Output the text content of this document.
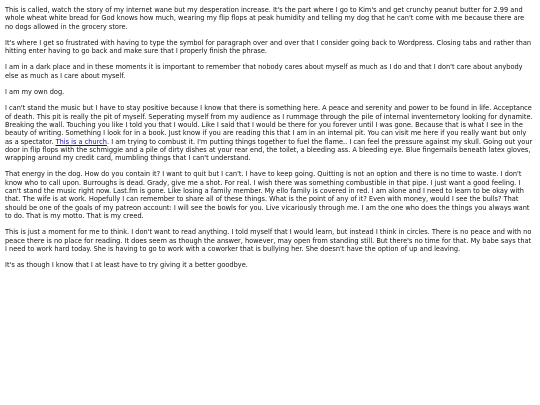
This is called, watch the story of my internet wane but my desperation increase. It's the part where I go to Kim's and get crunchy peanut butter for 2.99 and whole wheat white bread for God knows how much, wearing my flip flops at peak humidity and telling my dog that he can't come with me because there are no dogs allowed in the grocery store.

It's where I get so frustrated with having to type the symbol for paragraph over and over that I consider going back to Wordpress. Closing tabs and rather than hitting enter having to go back and make sure that I properly finish the phrase.

I am in a dark place and in these moments it is important to remember that nobody cares about myself as much as I do and that I don't care about anybody else as much as I care about myself.

I am my own dog.

I can't stand the music but I have to stay positive because I know that there is something here. A peace and serenity and power to be found in life. Acceptance of death. This pit is really the pit of myself. Seperating myself from my audience as I rummage through the pile of internal inventernetory looking for dynamite. Breaking the wall. Touching you like I told you that I would. Like I said that I would be there for you forever until I was gone. Because that is what I see in the beauty of writing. Something I look for in a book. Just know if you are reading this that I am in an internal pit. You can visit me here if you really want but only as a spectator. This is a church. I am trying to combust it. I'm putting things together to fuel the flame.. I can feel the pressure against my skull. Going out your door in flip flops with the schmiggie and a pile of dirty dishes at your rear end, the toilet, a bleeding ass. A bleeding eye. Blue fingernails beneath latex gloves, wrapping around my credit card, mumbling things that I can't understand.

That energy in the dog. How do you contain it? I want to quit but I can't. I have to keep going. Quitting is not an option and there is no time to waste. I don't know who to call upon. Burroughs is dead. Grady, give me a shot. For real. I wish there was something combustible in that pipe. I just want a good feeling. I can't stand the music right now. Last.fm is gone. Like losing a family member. My ello family is covered in red. I am alone and I need to learn to be okay with that. The wife is at work. Hopefully I can remember to share all of these things. What is the point of any of it? Even with money, would I see the bulls? That should be one of the goals of my patreon account: I will see the bowls for you. Live vicariously through me. I am the one who does the things you always want to do. That is my motto. That is my creed.

This is just a moment for me to think. I don't want to read anything. I told myself that I would learn, but instead I think in circles. There is no peace and with no peace there is no place for reading. It does seem as though the answer, however, may open from standing still. But there's no time for that. My babe says that I need to work hard today. She is having to go to work with a coworker that is bullying her. She doesn't have the option of up and leaving.

It's as though I know that I at least have to try giving it a better goodbye.
